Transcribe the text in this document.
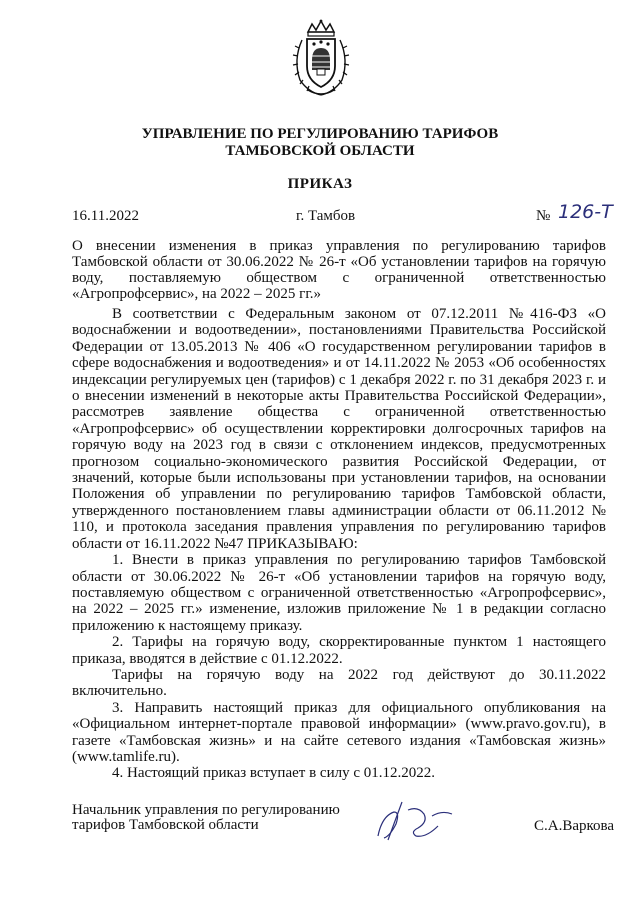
УПРАВЛЕНИЕ ПО РЕГУЛИРОВАНИЮ ТАРИФОВ
ТАМБОВСКОЙ ОБЛАСТИ
ПРИКАЗ
16.11.2022	г. Тамбов	№ 126-Т
О внесении изменения в приказ управления по регулированию тарифов Тамбовской области от 30.06.2022 № 26-т «Об установлении тарифов на горячую воду, поставляемую обществом с ограниченной ответственностью «Агропрофсервис», на 2022 – 2025 гг.»

В соответствии с Федеральным законом от 07.12.2011 №416-ФЗ «О водоснабжении и водоотведении», постановлениями Правительства Российской Федерации от 13.05.2013 № 406 «О государственном регулировании тарифов в сфере водоснабжения и водоотведения» и от 14.11.2022 № 2053 «Об особенностях индексации регулируемых цен (тарифов) с 1 декабря 2022 г. по 31 декабря 2023 г. и о внесении изменений в некоторые акты Правительства Российской Федерации», рассмотрев заявление общества с ограниченной ответственностью «Агропрофсервис» об осуществлении корректировки долгосрочных тарифов на горячую воду на 2023 год в связи с отклонением индексов, предусмотренных прогнозом социально-экономического развития Российской Федерации, от значений, которые были использованы при установлении тарифов, на основании Положения об управлении по регулированию тарифов Тамбовской области, утвержденного постановлением главы администрации области от 06.11.2012 № 110, и протокола заседания правления управления по регулированию тарифов области от 16.11.2022 №47 ПРИКАЗЫВАЮ:

1. Внести в приказ управления по регулированию тарифов Тамбовской области от 30.06.2022 № 26-т «Об установлении тарифов на горячую воду, поставляемую обществом с ограниченной ответственностью «Агропрофсервис», на 2022 – 2025 гг.» изменение, изложив приложение № 1 в редакции согласно приложению к настоящему приказу.

2. Тарифы на горячую воду, скорректированные пунктом 1 настоящего приказа, вводятся в действие с 01.12.2022.

Тарифы на горячую воду на 2022 год действуют до 30.11.2022 включительно.

3. Направить настоящий приказ для официального опубликования на «Официальном интернет-портале правовой информации» (www.pravo.gov.ru), в газете «Тамбовская жизнь» и на сайте сетевого издания «Тамбовская жизнь» (www.tamlife.ru).

4. Настоящий приказ вступает в силу с 01.12.2022.

Начальник управления по регулированию
тарифов Тамбовской области	С.А.Варкова
